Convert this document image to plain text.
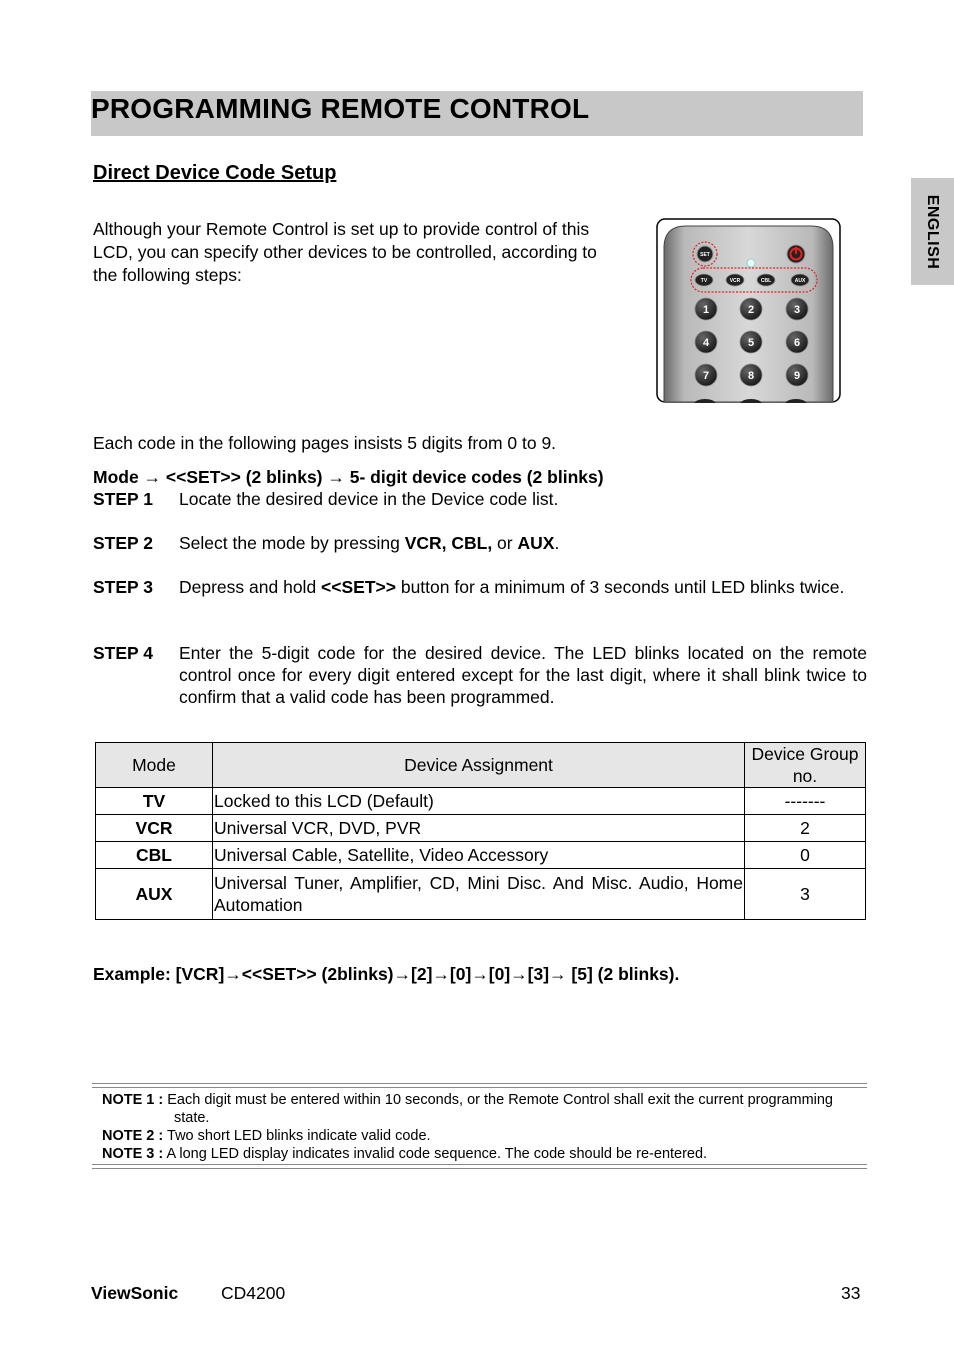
PROGRAMMING REMOTE CONTROL
ENGLISH
Direct Device Code Setup
Although your Remote Control is set up to provide control of this LCD, you can specify other devices to be controlled, according to the following steps:
SET
TV	VCR	CBL	AUX
1	2	3
4	5	6
7	8	9
Each code in the following pages insists 5 digits from 0 to 9.
Mode → <<SET>> (2 blinks) → 5- digit device codes (2 blinks)
STEP 1 Locate the desired device in the Device code list.
STEP 2 Select the mode by pressing VCR, CBL, or AUX.
STEP 3 Depress and hold <<SET>> button for a minimum of 3 seconds until LED blinks twice.
STEP 4 Enter the 5-digit code for the desired device. The LED blinks located on the remote control once for every digit entered except for the last digit, where it shall blink twice to confirm that a valid code has been programmed.
Mode	Device Assignment	Device Group no.
TV	Locked to this LCD (Default)	-------
VCR	Universal VCR, DVD, PVR	2
CBL	Universal Cable, Satellite, Video Accessory	0
AUX	Universal Tuner, Amplifier, CD, Mini Disc. And Misc. Audio, Home Automation	3
Example: [VCR]→<<SET>> (2blinks)→[2]→[0]→[0]→[3]→ [5] (2 blinks).
NOTE 1 : Each digit must be entered within 10 seconds, or the Remote Control shall exit the current programming state.
NOTE 2 : Two short LED blinks indicate valid code.
NOTE 3 : A long LED display indicates invalid code sequence. The code should be re-entered.
ViewSonic CD4200	33
